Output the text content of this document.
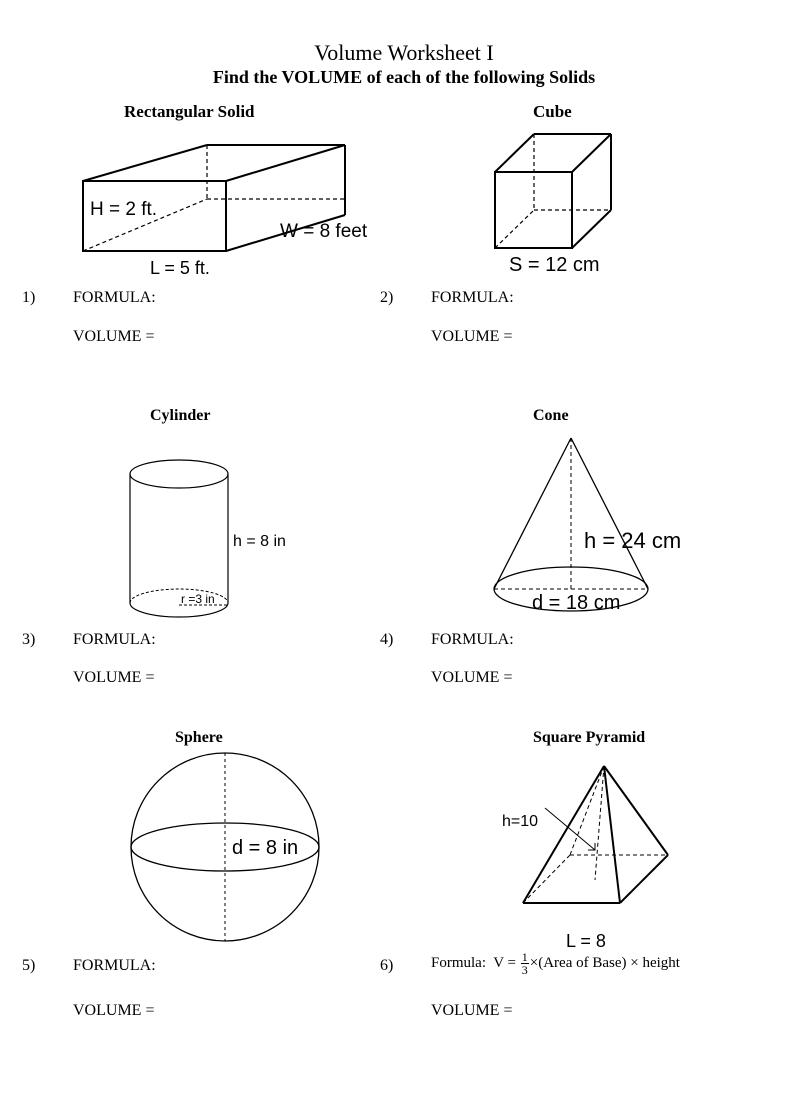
Volume Worksheet I
Find the VOLUME of each of the following Solids
Rectangular Solid
H = 2 ft.
W = 8 feet
L = 5 ft.
1) FORMULA:
VOLUME =
Cube
S = 12 cm
2) FORMULA:
VOLUME =
Cylinder
h = 8 in
r =3 in
3) FORMULA:
VOLUME =
Cone
h = 24 cm
d = 18 cm
4) FORMULA:
VOLUME =
Sphere
d = 8 in
5) FORMULA:
VOLUME =
Square Pyramid
h=10
L = 8
6)	Formula:  $V = \frac{1}{3}$ ×(Area of Base) × height
VOLUME =
